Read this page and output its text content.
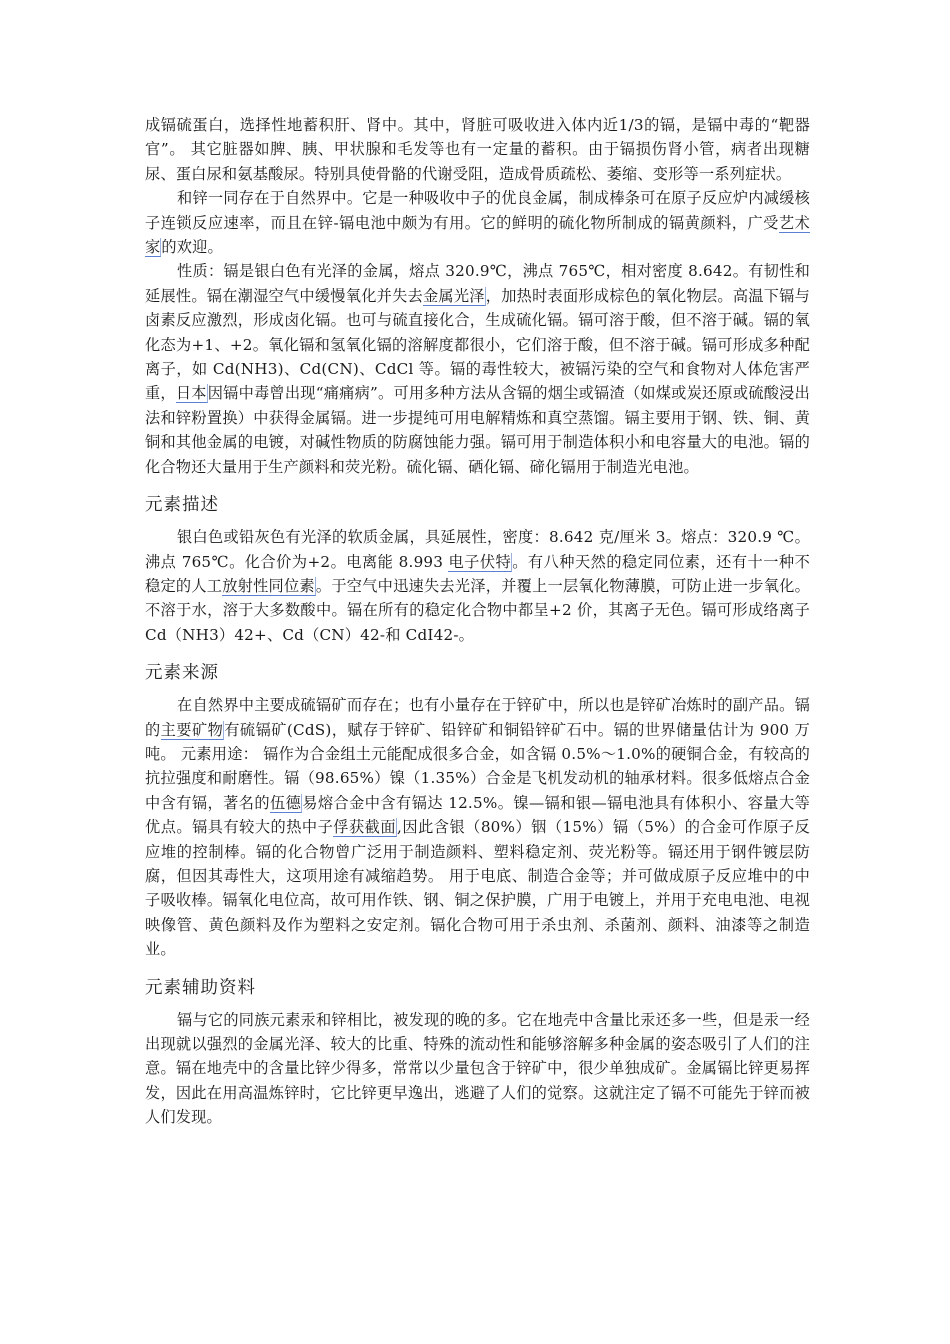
成镉硫蛋白，选择性地蓄积肝、肾中。其中，肾脏可吸收进入体内近1/3的镉，是镉中毒的“靶器官”。 其它脏器如脾、胰、甲状腺和毛发等也有一定量的蓄积。由于镉损伤肾小管，病者出现糖尿、蛋白尿和氨基酸尿。特别具使骨骼的代谢受阻，造成骨质疏松、萎缩、变形等一系列症状。

和锌一同存在于自然界中。它是一种吸收中子的优良金属，制成棒条可在原子反应炉内减缓核子连锁反应速率，而且在锌-镉电池中颇为有用。它的鲜明的硫化物所制成的镉黄颜料，广受艺术家的欢迎。

性质：镉是银白色有光泽的金属，熔点 320.9℃，沸点 765℃，相对密度 8.642。有韧性和延展性。镉在潮湿空气中缓慢氧化并失去金属光泽，加热时表面形成棕色的氧化物层。高温下镉与卤素反应激烈，形成卤化镉。也可与硫直接化合，生成硫化镉。镉可溶于酸，但不溶于碱。镉的氧化态为+1、+2。氧化镉和氢氧化镉的溶解度都很小，它们溶于酸，但不溶于碱。镉可形成多种配离子，如 Cd(NH3)、Cd(CN)、CdCl 等。镉的毒性较大，被镉污染的空气和食物对人体危害严重，日本因镉中毒曾出现“痛痛病”。可用多种方法从含镉的烟尘或镉渣（如煤或炭还原或硫酸浸出法和锌粉置换）中获得金属镉。进一步提纯可用电解精炼和真空蒸馏。镉主要用于钢、铁、铜、黄铜和其他金属的电镀，对碱性物质的防腐蚀能力强。镉可用于制造体积小和电容量大的电池。镉的化合物还大量用于生产颜料和荧光粉。硫化镉、硒化镉、碲化镉用于制造光电池。

元素描述

银白色或铅灰色有光泽的软质金属，具延展性，密度：8.642 克/厘米 3。熔点：320.9 ℃。沸点 765℃。化合价为+2。电离能 8.993 电子伏特。有八种天然的稳定同位素，还有十一种不稳定的人工放射性同位素。于空气中迅速失去光泽，并覆上一层氧化物薄膜，可防止进一步氧化。不溶于水，溶于大多数酸中。镉在所有的稳定化合物中都呈+2 价，其离子无色。镉可形成络离子 Cd（NH3）42+、Cd（CN）42-和 CdI42-。

元素来源

在自然界中主要成硫镉矿而存在；也有小量存在于锌矿中，所以也是锌矿冶炼时的副产品。镉的主要矿物有硫镉矿(CdS)，赋存于锌矿、铅锌矿和铜铅锌矿石中。镉的世界储量估计为 900 万吨。 元素用途： 镉作为合金组土元能配成很多合金，如含镉 0.5%～1.0%的硬铜合金，有较高的抗拉强度和耐磨性。镉（98.65%）镍（1.35%）合金是飞机发动机的轴承材料。很多低熔点合金中含有镉，著名的伍德易熔合金中含有镉达 12.5%。镍—镉和银—镉电池具有体积小、容量大等优点。镉具有较大的热中子俘获截面,因此含银（80%）铟（15%）镉（5%）的合金可作原子反应堆的控制棒。镉的化合物曾广泛用于制造颜料、塑料稳定剂、荧光粉等。镉还用于钢件镀层防腐，但因其毒性大，这项用途有减缩趋势。 用于电底、制造合金等；并可做成原子反应堆中的中子吸收棒。镉氧化电位高，故可用作铁、钢、铜之保护膜，广用于电镀上，并用于充电电池、电视映像管、黄色颜料及作为塑料之安定剂。镉化合物可用于杀虫剂、杀菌剂、颜料、油漆等之制造业。

元素辅助资料

镉与它的同族元素汞和锌相比，被发现的晚的多。它在地壳中含量比汞还多一些，但是汞一经出现就以强烈的金属光泽、较大的比重、特殊的流动性和能够溶解多种金属的姿态吸引了人们的注意。镉在地壳中的含量比锌少得多，常常以少量包含于锌矿中，很少单独成矿。金属镉比锌更易挥发，因此在用高温炼锌时，它比锌更早逸出，逃避了人们的觉察。这就注定了镉不可能先于锌而被人们发现。
